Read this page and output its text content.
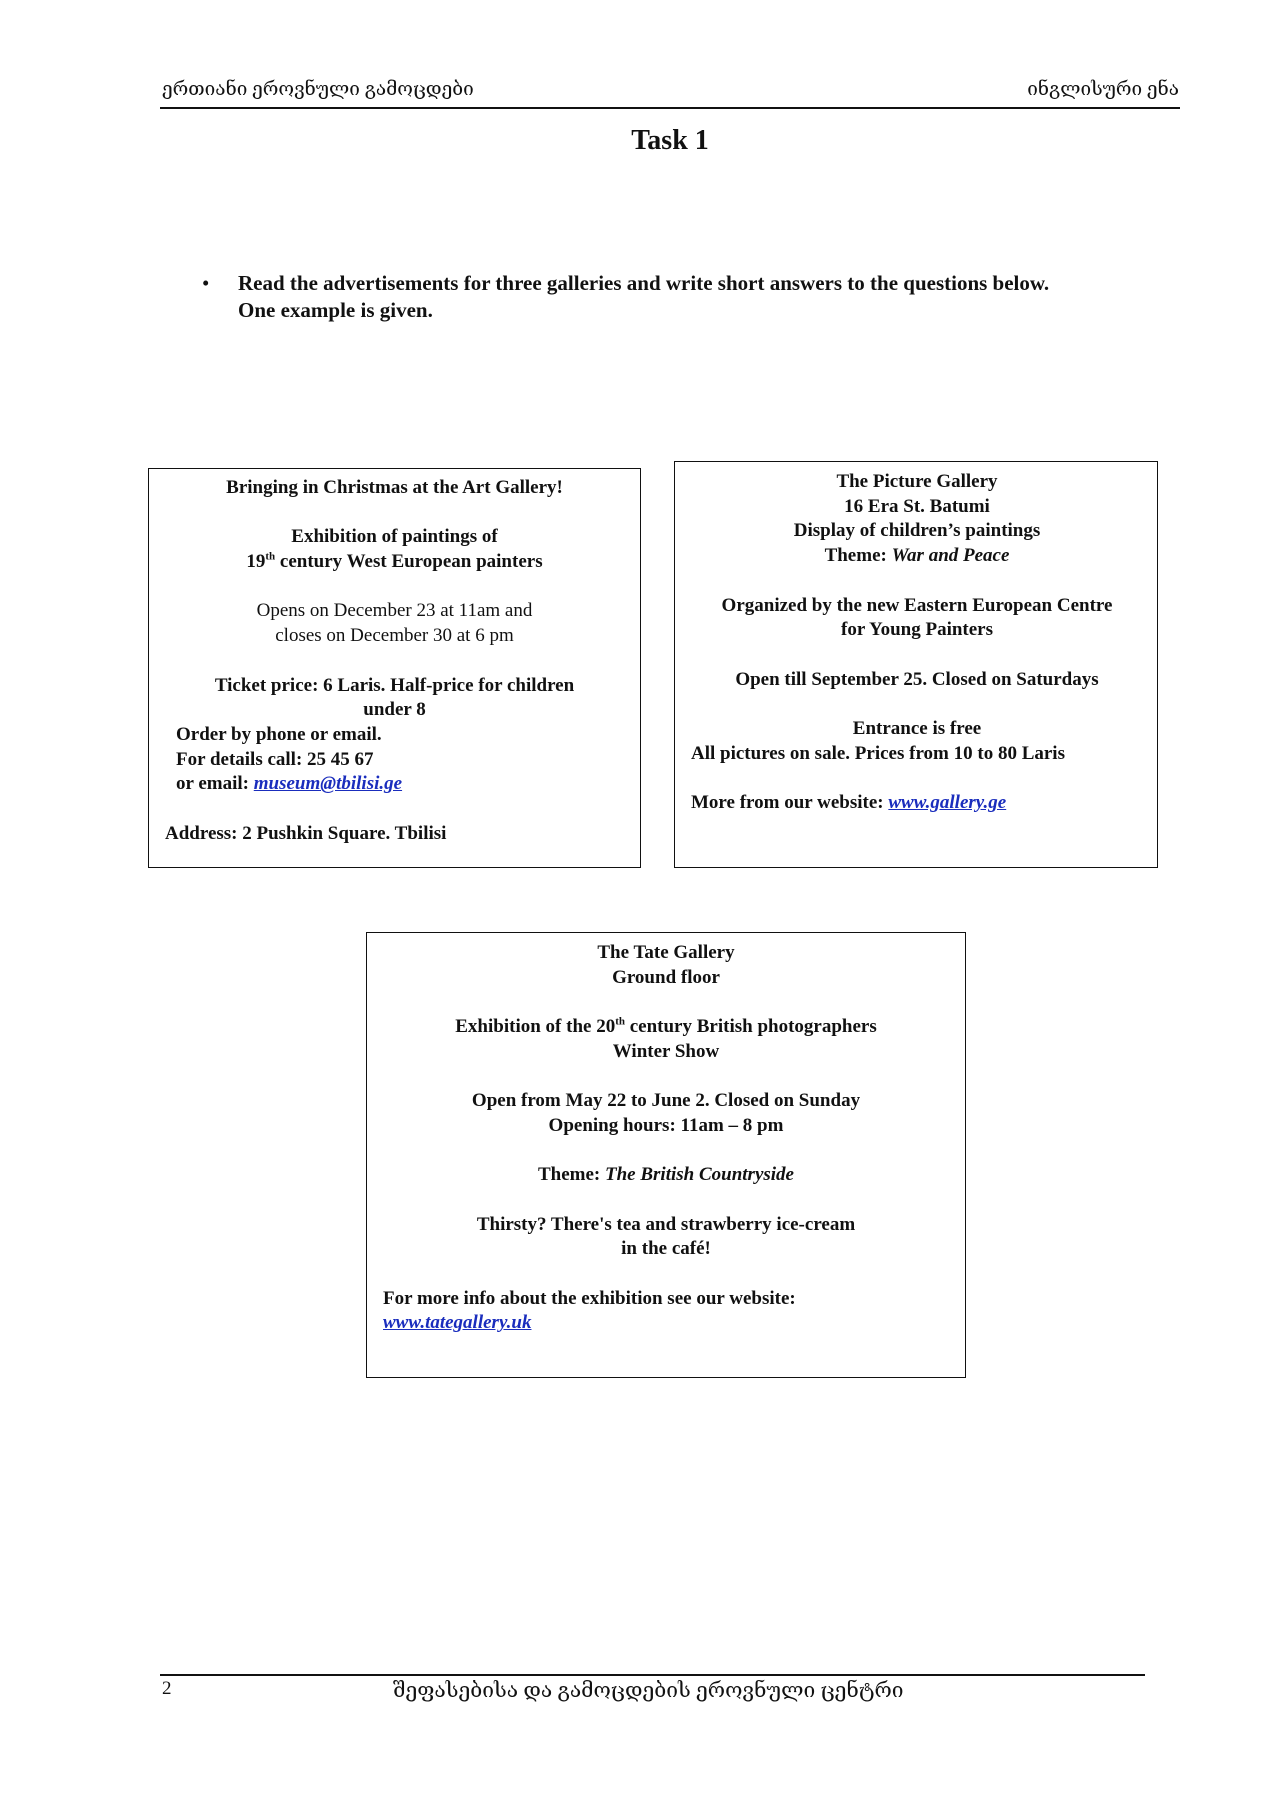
ერთიანი ეროვნული გამოცდები	ინგლისური ენა
Task 1
• Read the advertisements for three galleries and write short answers to the questions below.
One example is given.

Bringing in Christmas at the Art Gallery!

Exhibition of paintings of

19th century West European painters

Opens on December 23 at 11am and

closes on December 30 at 6 pm

Ticket price: 6 Laris. Half-price for children

under 8

Order by phone or email.

For details call: 25 45 67

or email: museum@tbilisi.ge

Address: 2 Pushkin Square. Tbilisi

The Picture Gallery

16 Era St. Batumi

Display of children’s paintings

Theme: War and Peace

Organized by the new Eastern European Centre

for Young Painters

Open till September 25. Closed on Saturdays

Entrance is free

All pictures on sale. Prices from 10 to 80 Laris

More from our website: www.gallery.ge

The Tate Gallery

Ground floor

Exhibition of the 20th century British photographers

Winter Show

Open from May 22 to June 2. Closed on Sunday

Opening hours: 11am – 8 pm

Theme: The British Countryside

Thirsty? There's tea and strawberry ice-cream

in the café!

For more info about the exhibition see our website:

www.tategallery.uk

2	შეფასებისა და გამოცდების ეროვნული ცენტრი
